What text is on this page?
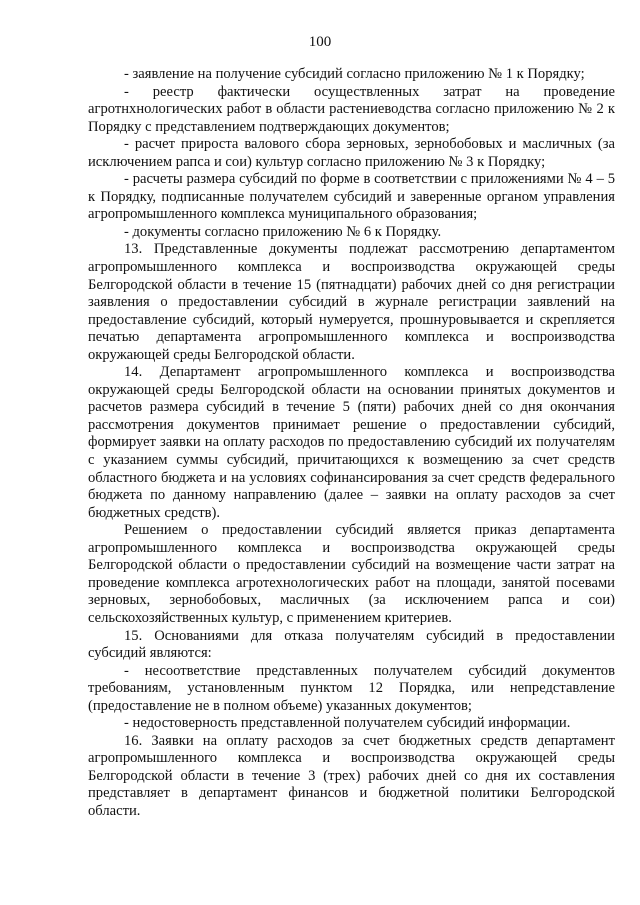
100

- заявление на получение субсидий согласно приложению № 1 к Порядку;

- реестр фактически осуществленных затрат на проведение агротнхнологических работ в области растениеводства согласно приложению № 2 к Порядку с представлением подтверждающих документов;

- расчет прироста валового сбора зерновых, зернобобовых и масличных (за исключением рапса и сои) культур согласно приложению № 3 к Порядку;

- расчеты размера субсидий по форме в соответствии с приложениями № 4 – 5 к Порядку, подписанные получателем субсидий и заверенные органом управления агропромышленного комплекса муниципального образования;

- документы согласно приложению № 6 к Порядку.

13. Представленные документы подлежат рассмотрению департаментом агропромышленного комплекса и воспроизводства окружающей среды Белгородской области в течение 15 (пятнадцати) рабочих дней со дня регистрации заявления о предоставлении субсидий в журнале регистрации заявлений на предоставление субсидий, который нумеруется, прошнуровывается и скрепляется печатью департамента агропромышленного комплекса и воспроизводства окружающей среды Белгородской области.

14. Департамент агропромышленного комплекса и воспроизводства окружающей среды Белгородской области на основании принятых документов и расчетов размера субсидий в течение 5 (пяти) рабочих дней со дня окончания рассмотрения документов принимает решение о предоставлении субсидий, формирует заявки на оплату расходов по предоставлению субсидий их получателям с указанием суммы субсидий, причитающихся к возмещению за счет средств областного бюджета и на условиях софинансирования за счет средств федерального бюджета по данному направлению (далее – заявки на оплату расходов за счет бюджетных средств).

Решением о предоставлении субсидий является приказ департамента агропромышленного комплекса и воспроизводства окружающей среды Белгородской области о предоставлении субсидий на возмещение части затрат на проведение комплекса агротехнологических работ на площади, занятой посевами зерновых, зернобобовых, масличных (за исключением рапса и сои) сельскохозяйственных культур, с применением критериев.

15. Основаниями для отказа получателям субсидий в предоставлении субсидий являются:

- несоответствие представленных получателем субсидий документов требованиям, установленным пунктом 12 Порядка, или непредставление (предоставление не в полном объеме) указанных документов;

- недостоверность представленной получателем субсидий информации.

16. Заявки на оплату расходов за счет бюджетных средств департамент агропромышленного комплекса и воспроизводства окружающей среды Белгородской области в течение 3 (трех) рабочих дней со дня их составления представляет в департамент финансов и бюджетной политики Белгородской области.
